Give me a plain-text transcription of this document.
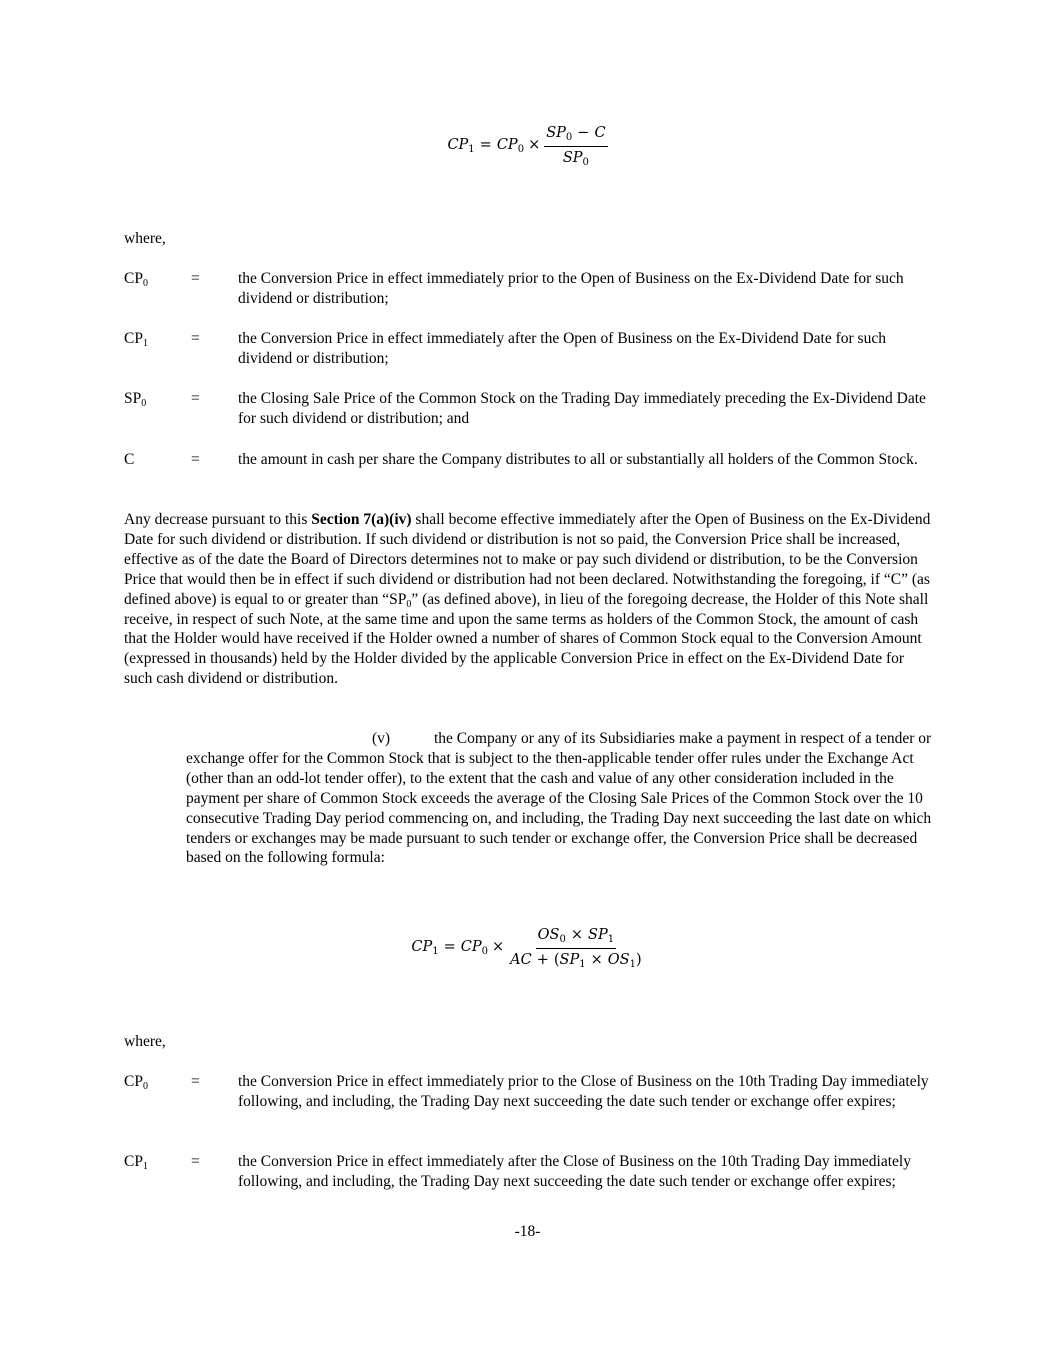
$CP_1 = CP_0 \times \frac{SP_0 - C}{SP_0}$
where,
$CP_0$	= the Conversion Price in effect immediately prior to the Open of Business on the Ex-Dividend Date for such dividend or distribution;
$CP_1$	= the Conversion Price in effect immediately after the Open of Business on the Ex-Dividend Date for such dividend or distribution;
$SP_0$	= the Closing Sale Price of the Common Stock on the Trading Day immediately preceding the Ex-Dividend Date for such dividend or distribution; and
C	= the amount in cash per share the Company distributes to all or substantially all holders of the Common Stock.
Any decrease pursuant to this Section 7(a)(iv) shall become effective immediately after the Open of Business on the Ex-Dividend Date for such dividend or distribution. If such dividend or distribution is not so paid, the Conversion Price shall be increased, effective as of the date the Board of Directors determines not to make or pay such dividend or distribution, to be the Conversion Price that would then be in effect if such dividend or distribution had not been declared. Notwithstanding the foregoing, if “C” (as defined above) is equal to or greater than “$SP_0$” (as defined above), in lieu of the foregoing decrease, the Holder of this Note shall receive, in respect of such Note, at the same time and upon the same terms as holders of the Common Stock, the amount of cash that the Holder would have received if the Holder owned a number of shares of Common Stock equal to the Conversion Amount (expressed in thousands) held by the Holder divided by the applicable Conversion Price in effect on the Ex-Dividend Date for such cash dividend or distribution.
(v)	the Company or any of its Subsidiaries make a payment in respect of a tender or exchange offer for the Common Stock that is subject to the then-applicable tender offer rules under the Exchange Act (other than an odd-lot tender offer), to the extent that the cash and value of any other consideration included in the payment per share of Common Stock exceeds the average of the Closing Sale Prices of the Common Stock over the 10 consecutive Trading Day period commencing on, and including, the Trading Day next succeeding the last date on which tenders or exchanges may be made pursuant to such tender or exchange offer, the Conversion Price shall be decreased based on the following formula:
$CP_1 = CP_0 \times \frac{OS_0 \times SP_1}{AC + (SP_1 \times OS_1)}$
where,
$CP_0$	= the Conversion Price in effect immediately prior to the Close of Business on the 10th Trading Day immediately following, and including, the Trading Day next succeeding the date such tender or exchange offer expires;
$CP_1$	= the Conversion Price in effect immediately after the Close of Business on the 10th Trading Day immediately following, and including, the Trading Day next succeeding the date such tender or exchange offer expires;
-18-
